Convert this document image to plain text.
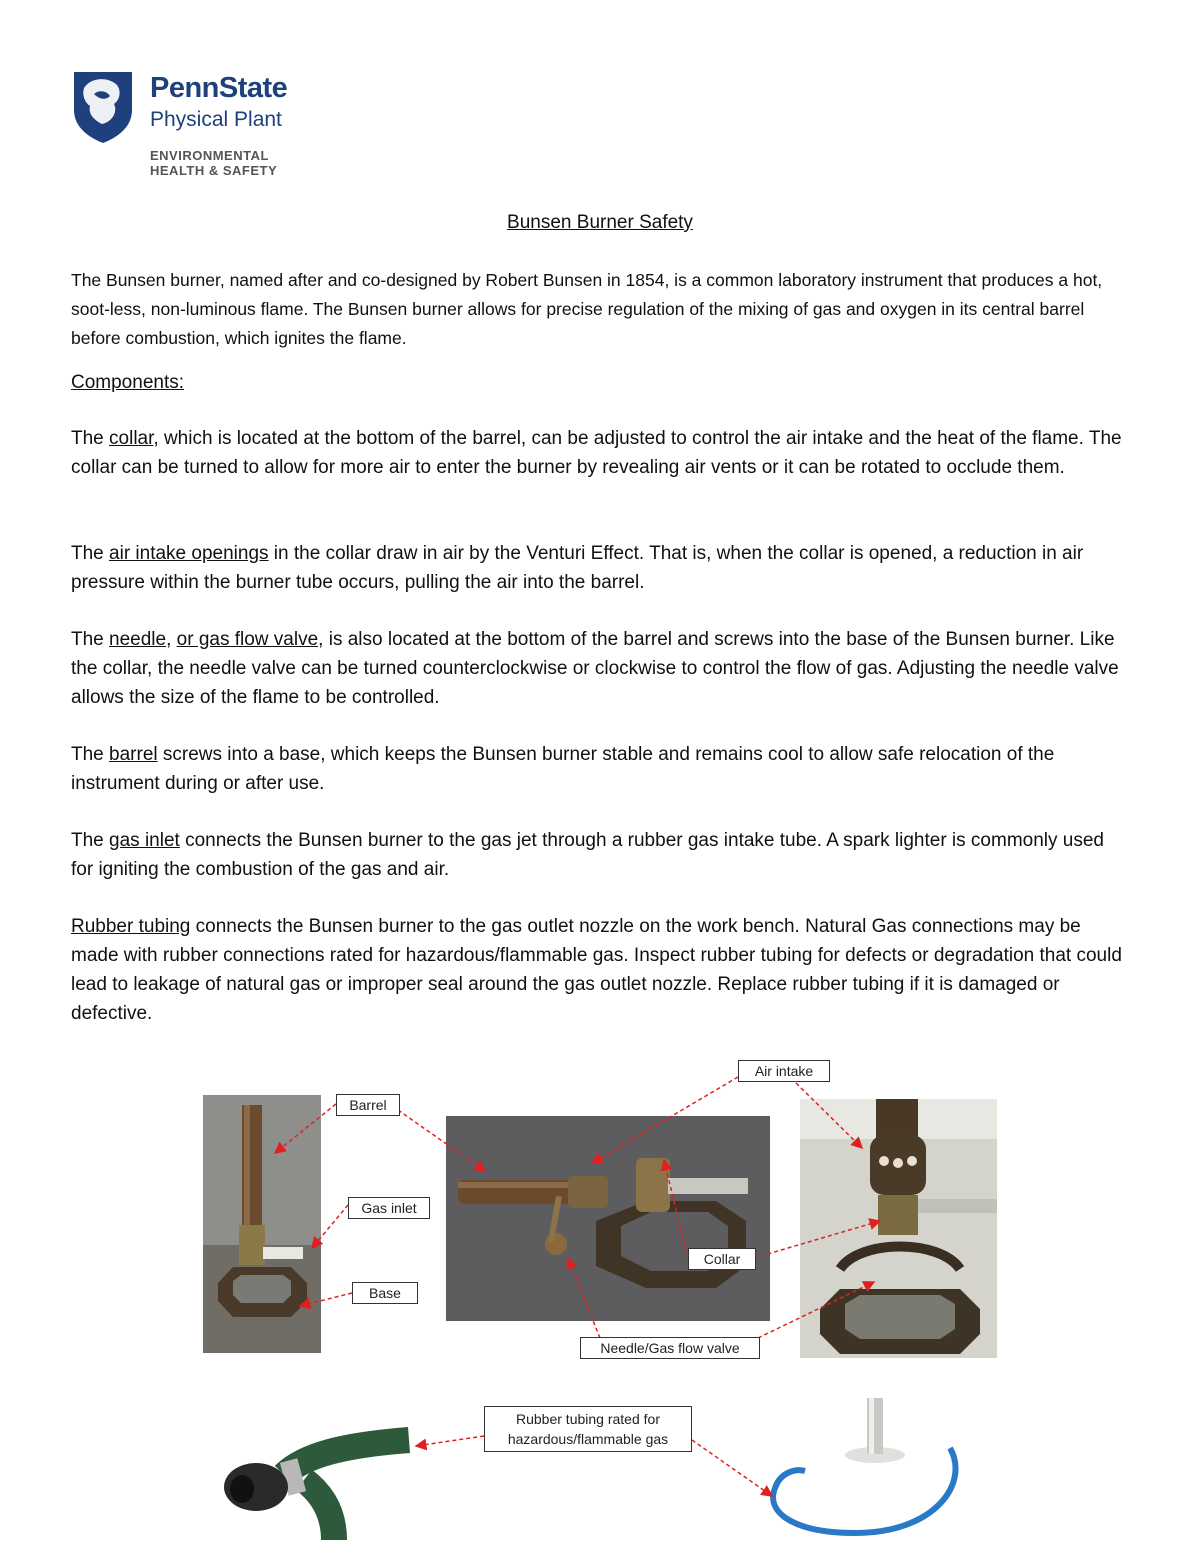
PennState
Physical Plant
ENVIRONMENTAL
HEALTH & SAFETY
Bunsen Burner Safety
The Bunsen burner, named after and co-designed by Robert Bunsen in 1854, is a common laboratory instrument that produces a hot, soot-less, non-luminous flame. The Bunsen burner allows for precise regulation of the mixing of gas and oxygen in its central barrel before combustion, which ignites the flame.
Components:
The collar, which is located at the bottom of the barrel, can be adjusted to control the air intake and the heat of the flame. The collar can be turned to allow for more air to enter the burner by revealing air vents or it can be rotated to occlude them.
The air intake openings in the collar draw in air by the Venturi Effect. That is, when the collar is opened, a reduction in air pressure within the burner tube occurs, pulling the air into the barrel.
The needle, or gas flow valve, is also located at the bottom of the barrel and screws into the base of the Bunsen burner. Like the collar, the needle valve can be turned counterclockwise or clockwise to control the flow of gas. Adjusting the needle valve allows the size of the flame to be controlled.
The barrel screws into a base, which keeps the Bunsen burner stable and remains cool to allow safe relocation of the instrument during or after use.
The gas inlet connects the Bunsen burner to the gas jet through a rubber gas intake tube. A spark lighter is commonly used for igniting the combustion of the gas and air.
Rubber tubing connects the Bunsen burner to the gas outlet nozzle on the work bench. Natural Gas connections may be made with rubber connections rated for hazardous/flammable gas. Inspect rubber tubing for defects or degradation that could lead to leakage of natural gas or improper seal around the gas outlet nozzle. Replace rubber tubing if it is damaged or defective.
Barrel
Gas inlet
Base
Air intake
Collar
Needle/Gas flow valve
Rubber tubing rated for
hazardous/flammable gas
